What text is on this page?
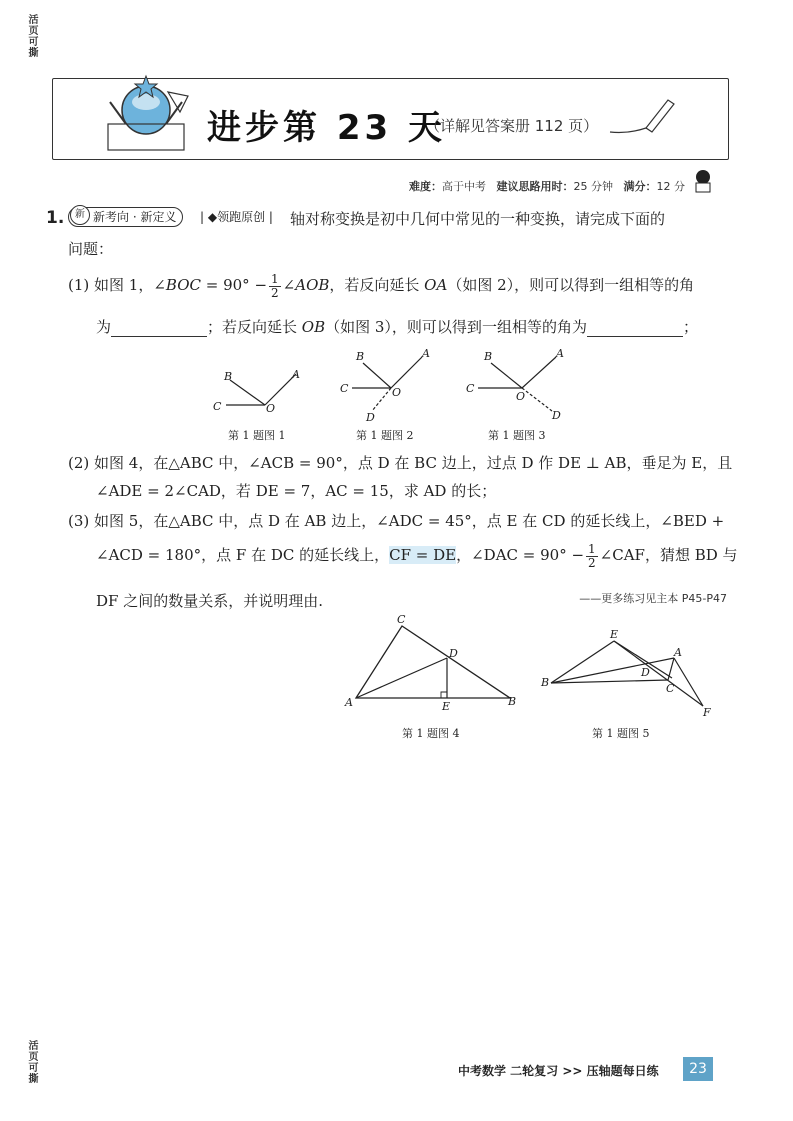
活页可撕
活页可撕
进步第 23 天
（详解见答案册 112 页）
难度：高于中考 建议思路用时：25 分钟 满分：12 分
1.	新 新考向 · 新定义	| ◆领跑原创 | 轴对称变换是初中几何中常见的一种变换，请完成下面的
问题：
(1) 如图 1，∠BOC = $90^\circ - \frac{1}{2}$ ∠AOB，若反向延长 OA（如图 2），则可以得到一组相等的角
为	；若反向延长 OB（如图 3），则可以得到一组相等的角为	；
B	A
C	O
第 1 题图 1
B	A
C	O
D
第 1 题图 2
B	A
C
O
D
第 1 题图 3
(2) 如图 4，在△ABC 中，∠ACB = 90°，点 D 在 BC 边上，过点 D 作 DE ⊥ AB，垂足为 E，且
∠ADE = 2∠CAD，若 DE = 7，AC = 15，求 AD 的长；
(3) 如图 5，在△ABC 中，点 D 在 AB 边上，∠ADC = 45°，点 E 在 CD 的延长线上，∠BED +
∠ACD = 180°，点 F 在 DC 的延长线上，CF = DE，∠DAC = $90^\circ - \frac{1}{2}$ ∠CAF，猜想 BD 与
DF 之间的数量关系，并说明理由.	——更多练习见主本 P45-P47
C
D
A	E	B
第 1 题图 4
E
A
D
B	C
F
第 1 题图 5
中考数学 二轮复习 >> 压轴题每日练	23
